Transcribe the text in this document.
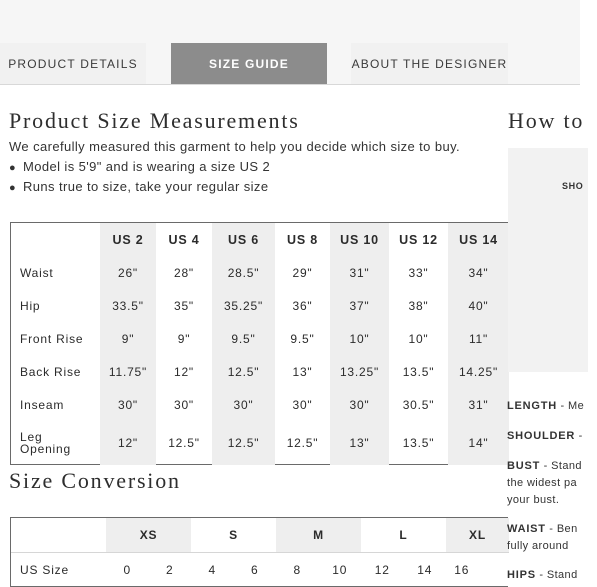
PRODUCT DETAILS	SIZE GUIDE	ABOUT THE DESIGNER
Product Size Measurements
We carefully measured this garment to help you decide which size to buy.
● Model is 5'9" and is wearing a size US 2
● Runs true to size, take your regular size
	US 2	US 4	US 6	US 8	US 10	US 12	US 14
Waist	26"	28"	28.5"	29"	31"	33"	34"
Hip	33.5"	35"	35.25"	36"	37"	38"	40"
Front Rise	9"	9"	9.5"	9.5"	10"	10"	11"
Back Rise	11.75"	12"	12.5"	13"	13.25"	13.5"	14.25"
Inseam	30"	30"	30"	30"	30"	30.5"	31"
Leg
Opening	12"	12.5"	12.5"	12.5"	13"	13.5"	14"
Size Conversion
	XS	S	M	L	XL
US Size	0 2	4 6	8 10	12 14	16
How to
SHO
LENGTH - Me
SHOULDER -
BUST - Stand
the widest pa
your bust.
WAIST - Ben
fully around
HIPS - Stand
